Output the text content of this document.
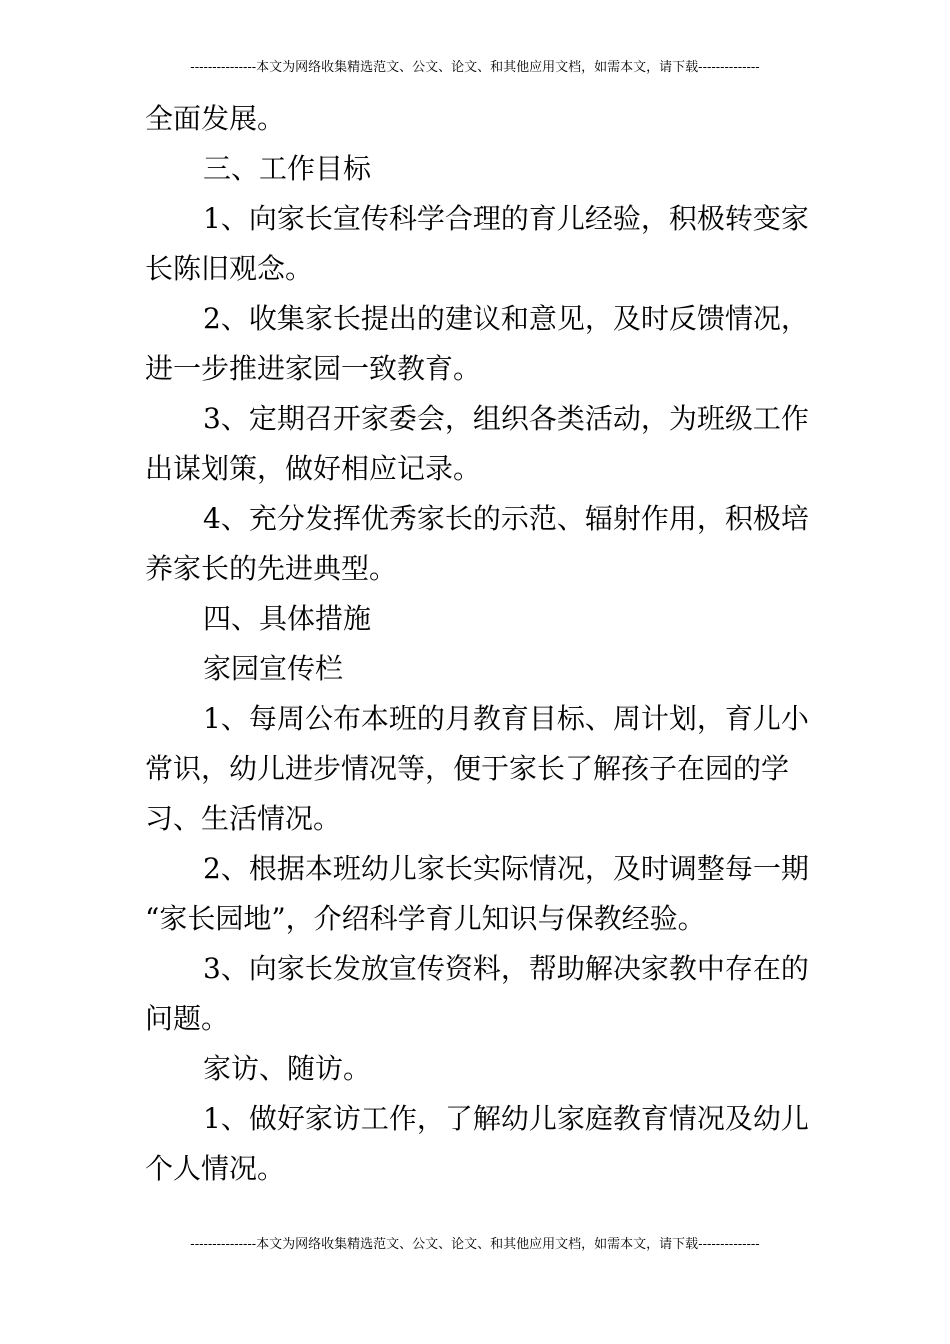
---------------本文为网络收集精选范文、公文、论文、和其他应用文档，如需本文，请下载--------------

全面发展。

三、工作目标

1、向家长宣传科学合理的育儿经验，积极转变家

长陈旧观念。

2、收集家长提出的建议和意见，及时反馈情况，

进一步推进家园一致教育。

3、定期召开家委会，组织各类活动，为班级工作

出谋划策，做好相应记录。

4、充分发挥优秀家长的示范、辐射作用，积极培

养家长的先进典型。

四、具体措施

家园宣传栏

1、每周公布本班的月教育目标、周计划，育儿小

常识，幼儿进步情况等，便于家长了解孩子在园的学

习、生活情况。

2、根据本班幼儿家长实际情况，及时调整每一期

“家长园地”，介绍科学育儿知识与保教经验。

3、向家长发放宣传资料，帮助解决家教中存在的

问题。

家访、随访。

1、做好家访工作，了解幼儿家庭教育情况及幼儿

个人情况。

---------------本文为网络收集精选范文、公文、论文、和其他应用文档，如需本文，请下载--------------
